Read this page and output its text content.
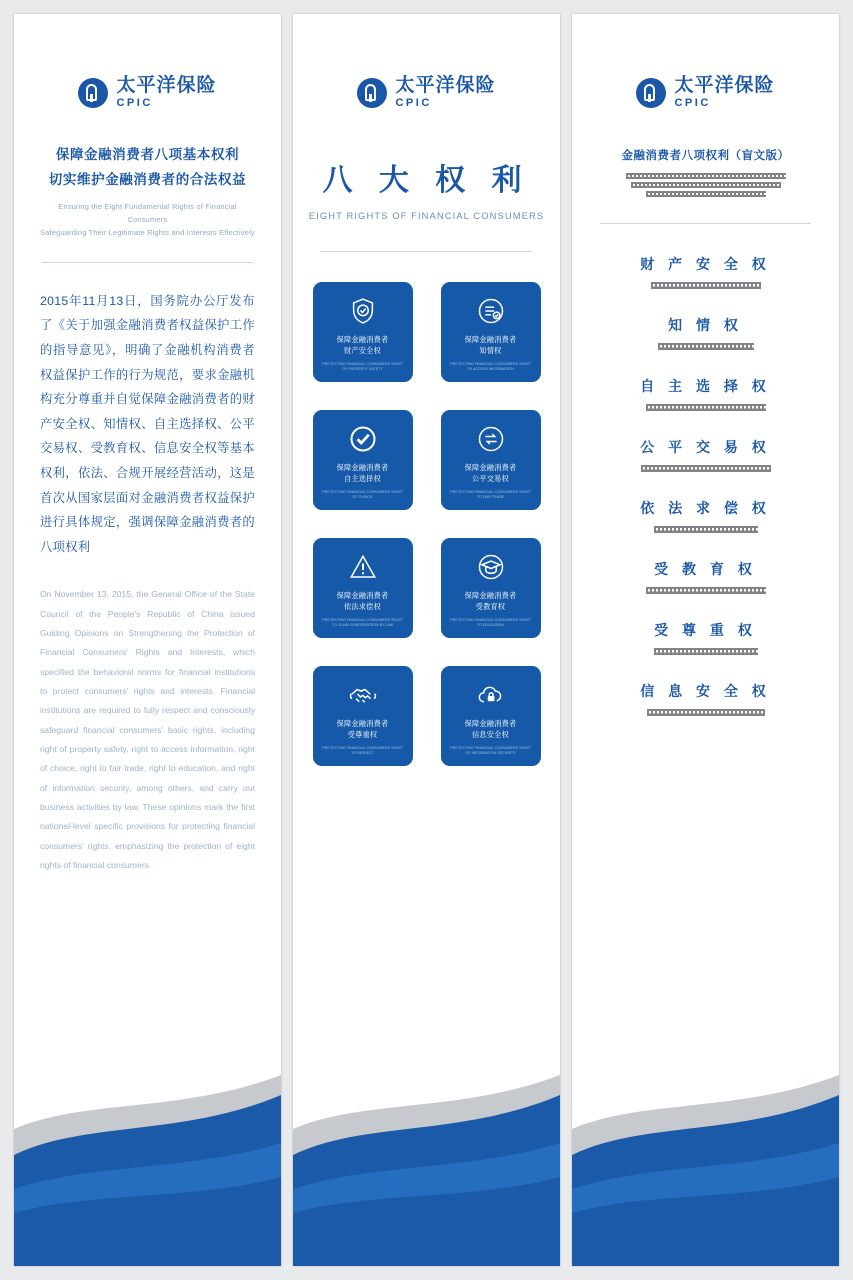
太平洋保险
CPIC
保障金融消费者八项基本权利
切实维护金融消费者的合法权益
Ensuring the Eight Fundamental Rights of Financial Consumers
Safeguarding Their Legitimate Rights and Interests Effectively
2015年11月13日，国务院办公厅发布了《关于加强金融消费者权益保护工作的指导意见》，明确了金融机构消费者权益保护工作的行为规范，要求金融机构充分尊重并自觉保障金融消费者的财产安全权、知情权、自主选择权、公平交易权、受教育权、信息安全权等基本权利，依法、合规开展经营活动，这是首次从国家层面对金融消费者权益保护进行具体规定，强调保障金融消费者的八项权利
On November 13, 2015, the General Office of the State Council of the People's Republic of China issued Guiding Opinions on Strengthening the Protection of Financial Consumers' Rights and Interests, which specified the behavioral norms for financial institutions to protect consumers' rights and interests. Financial institutions are required to fully respect and consciously safeguard financial consumers' basic rights, including right of property safety, right to access information, right of choice, right to fair trade, right to education, and right of information security, among others, and carry out business activities by law. These opinions mark the first national-level specific provisions for protecting financial consumers' rights, emphasizing the protection of eight rights of financial consumers
太平洋保险
CPIC
八 大 权 利
EIGHT RIGHTS OF FINANCIAL CONSUMERS
保障金融消费者
财产安全权
PROTECTING FINANCIAL CONSUMERS' RIGHT OF PROPERTY SAFETY
保障金融消费者
知情权
PROTECTING FINANCIAL CONSUMERS' RIGHT TO ACCESS INFORMATION
保障金融消费者
自主选择权
PROTECTING FINANCIAL CONSUMERS' RIGHT OF CHOICE
保障金融消费者
公平交易权
PROTECTING FINANCIAL CONSUMERS' RIGHT TO FAIR TRADE
保障金融消费者
依法求偿权
PROTECTING FINANCIAL CONSUMERS' RIGHT TO CLAIM COMPENSATION BY LAW
保障金融消费者
受教育权
PROTECTING FINANCIAL CONSUMERS' RIGHT TO EDUCATION
保障金融消费者
受尊重权
PROTECTING FINANCIAL CONSUMERS' RIGHT TO RESPECT
保障金融消费者
信息安全权
PROTECTING FINANCIAL CONSUMERS' RIGHT OF INFORMATION SECURITY
太平洋保险
CPIC
金融消费者八项权利（盲文版）
财 产 安 全 权
知 情 权
自 主 选 择 权
公 平 交 易 权
依 法 求 偿 权
受 教 育 权
受 尊 重 权
信 息 安 全 权
